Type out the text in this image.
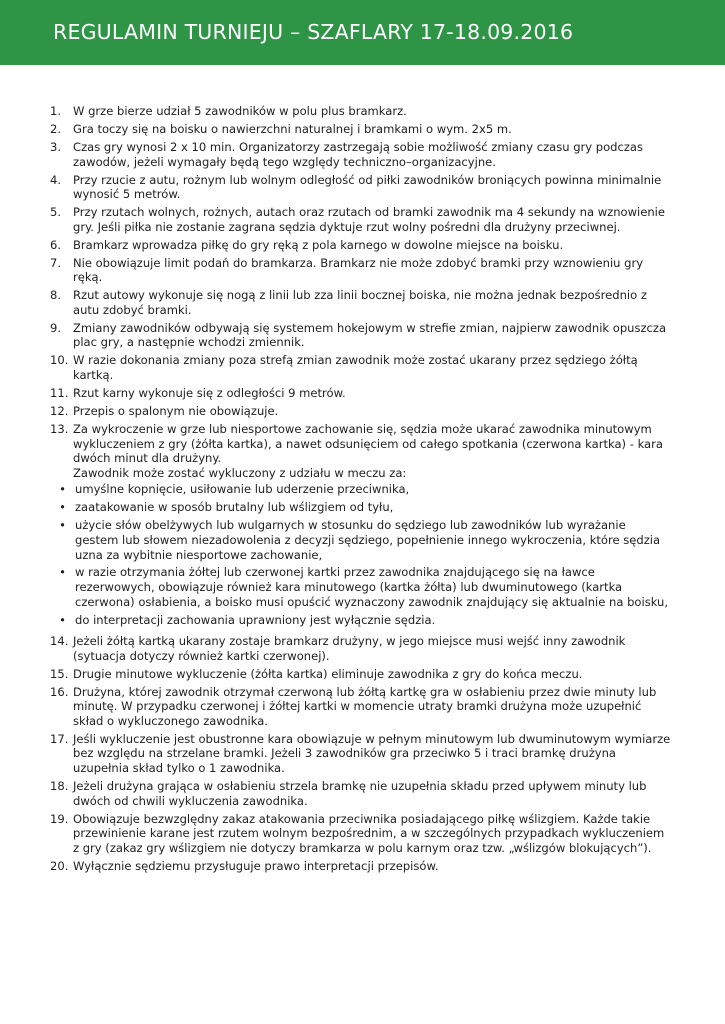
REGULAMIN TURNIEJU – SZAFLARY 17-18.09.2016
1.	W grze bierze udział 5 zawodników w polu plus bramkarz.

2.	Gra toczy się na boisku o nawierzchni naturalnej i bramkami o wym. 2x5 m.

3.	Czas gry wynosi 2 x 10 min. Organizatorzy zastrzegają sobie możliwość zmiany czasu gry podczas zawodów, jeżeli wymagały będą tego względy techniczno–organizacyjne.

4.	Przy rzucie z autu, rożnym lub wolnym odległość od piłki zawodników broniących powinna minimalnie wynosić 5 metrów.

5.	Przy rzutach wolnych, rożnych, autach oraz rzutach od bramki zawodnik ma 4 sekundy na wznowienie gry. Jeśli piłka nie zostanie zagrana sędzia dyktuje rzut wolny pośredni dla drużyny przeciwnej.

6.	Bramkarz wprowadza piłkę do gry ręką z pola karnego w dowolne miejsce na boisku.

7.	Nie obowiązuje limit podań do bramkarza. Bramkarz nie może zdobyć bramki przy wznowieniu gry ręką.

8.	Rzut autowy wykonuje się nogą z linii lub zza linii bocznej boiska, nie można jednak bezpośrednio z autu zdobyć bramki.

9.	Zmiany zawodników odbywają się systemem hokejowym w strefie zmian, najpierw zawodnik opuszcza plac gry, a następnie wchodzi zmiennik.

10. W razie dokonania zmiany poza strefą zmian zawodnik może zostać ukarany przez sędziego żółtą kartką.

11. Rzut karny wykonuje się z odległości 9 metrów.

12. Przepis o spalonym nie obowiązuje.

13. Za wykroczenie w grze lub niesportowe zachowanie się, sędzia może ukarać zawodnika minutowym wykluczeniem z gry (żółta kartka), a nawet odsunięciem od całego spotkania (czerwona kartka) - kara dwóch minut dla drużyny.

Zawodnik może zostać wykluczony z udziału w meczu za:

• umyślne kopnięcie, usiłowanie lub uderzenie przeciwnika,
• zaatakowanie w sposób brutalny lub wślizgiem od tyłu,
• użycie słów obelżywych lub wulgarnych w stosunku do sędziego lub zawodników lub wyrażanie gestem lub słowem niezadowolenia z decyzji sędziego, popełnienie innego wykroczenia, które sędzia uzna za wybitnie niesportowe zachowanie,
• w razie otrzymania żółtej lub czerwonej kartki przez zawodnika znajdującego się na ławce rezerwowych, obowiązuje również kara minutowego (kartka żółta) lub dwuminutowego (kartka czerwona) osłabienia, a boisko musi opuścić wyznaczony zawodnik znajdujący się aktualnie na boisku,
• do interpretacji zachowania uprawniony jest wyłącznie sędzia.
14. Jeżeli żółtą kartką ukarany zostaje bramkarz drużyny, w jego miejsce musi wejść inny zawodnik (sytuacja dotyczy również kartki czerwonej).

15. Drugie minutowe wykluczenie (żółta kartka) eliminuje zawodnika z gry do końca meczu.

16. Drużyna, której zawodnik otrzymał czerwoną lub żółtą kartkę gra w osłabieniu przez dwie minuty lub minutę. W przypadku czerwonej i żółtej kartki w momencie utraty bramki drużyna może uzupełnić skład o wykluczonego zawodnika.

17. Jeśli wykluczenie jest obustronne kara obowiązuje w pełnym minutowym lub dwuminutowym wymiarze bez względu na strzelane bramki. Jeżeli 3 zawodników gra przeciwko 5 i traci bramkę drużyna uzupełnia skład tylko o 1 zawodnika.

18. Jeżeli drużyna grająca w osłabieniu strzela bramkę nie uzupełnia składu przed upływem minuty lub dwóch od chwili wykluczenia zawodnika.

19. Obowiązuje bezwzględny zakaz atakowania przeciwnika posiadającego piłkę wślizgiem. Każde takie przewinienie karane jest rzutem wolnym bezpośrednim, a w szczególnych przypadkach wykluczeniem z gry (zakaz gry wślizgiem nie dotyczy bramkarza w polu karnym oraz tzw. „wślizgów blokujących”).

20. Wyłącznie sędziemu przysługuje prawo interpretacji przepisów.
